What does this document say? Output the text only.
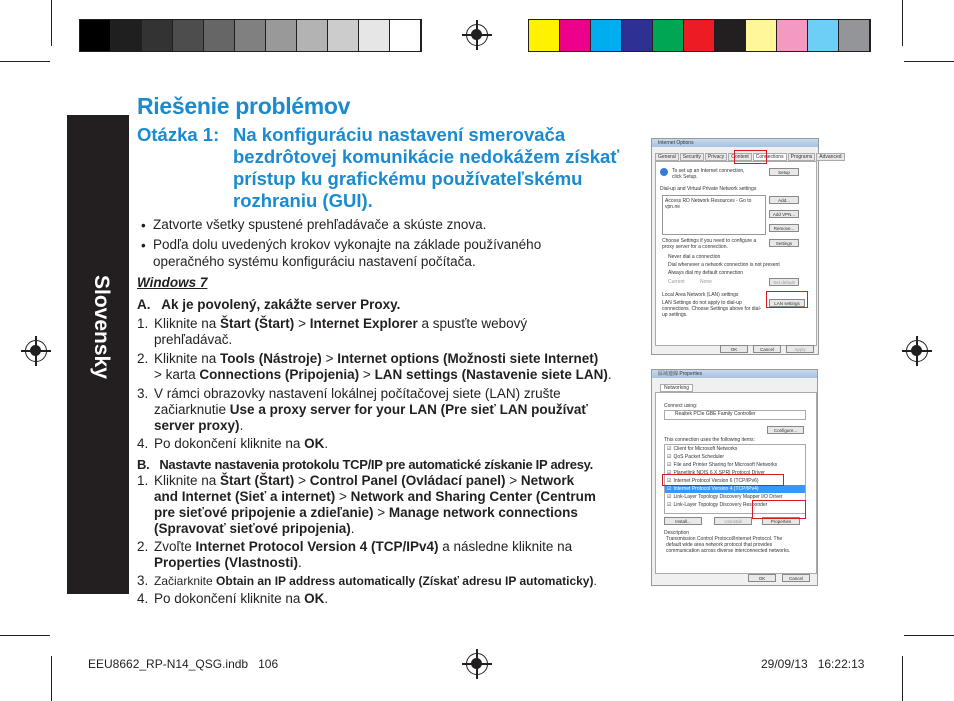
Slovensky
Riešenie problémov
Otázka 1: Na konfiguráciu nastavení smerovača
bezdrôtovej komunikácie nedokážem získať
prístup ku grafickému používateľskému
rozhraniu (GUI).
• Zatvorte všetky spustené prehľadávače a skúste znova.
• Podľa dolu uvedených krokov vykonajte na základe používaného
operačného systému konfiguráciu nastavení počítača.
Windows 7
A.   Ak je povolený, zakážte server Proxy.
1. Kliknite na Štart (Štart) > Internet Explorer a spusťte webový
prehľadávač.
2. Kliknite na Tools (Nástroje) > Internet options (Možnosti siete Internet)
> karta Connections (Pripojenia) > LAN settings (Nastavenie siete LAN).
3. V rámci obrazovky nastavení lokálnej počítačovej siete (LAN) zrušte
začiarknutie Use a proxy server for your LAN (Pre sieť LAN používať
server proxy).
4. Po dokončení kliknite na OK.
B.   Nastavte nastavenia protokolu TCP/IP pre automatické získanie IP adresy.
1. Kliknite na Štart (Štart) > Control Panel (Ovládací panel) > Network
and Internet (Sieť a internet) > Network and Sharing Center (Centrum
pre sieťové pripojenie a zdieľanie) > Manage network connections
(Spravovať sieťové pripojenia).
2. Zvoľte Internet Protocol Version 4 (TCP/IPv4) a následne kliknite na
Properties (Vlastnosti).
3. Začiarknite Obtain an IP address automatically (Získať adresu IP automaticky).
4. Po dokončení kliknite na OK.
Internet Options
General	Security	Privacy	Content	Connections	Programs	Advanced
To set up an Internet connection, click Setup.
Setup
Dial-up and Virtual Private Network settings
Access RD Network Resources - Go to vpn.ne
Add...
Add VPN...
Remove...
Choose Settings if you need to configure a proxy server for a connection.
Settings
Never dial a connection
Dial whenever a network connection is not present
Always dial my default connection
Current	None	Set default
Local Area Network (LAN) settings
LAN Settings do not apply to dial-up connections. Choose Settings above for dial-up settings.
LAN settings
OK	Cancel	Apply
區域連線 Properties
Networking
Connect using:
Realtek PCIe GBE Family Controller
Configure...
This connection uses the following items:
☑ Client for Microsoft Networks
☑ QoS Packet Scheduler
☑ File and Printer Sharing for Microsoft Networks
☑ Planetlink NDIS 6.X SPRI Protocol Driver
☑ Internet Protocol Version 6 (TCP/IPv6)
☑ Internet Protocol Version 4 (TCP/IPv4)
☑ Link-Layer Topology Discovery Mapper I/O Driver
☑ Link-Layer Topology Discovery Responder
Install...	Uninstall	Properties
Description
Transmission Control Protocol/Internet Protocol. The default wide area network protocol that provides communication across diverse interconnected networks.
OK	Cancel
EEU8662_RP-N14_QSG.indb   106	29/09/13   16:22:13
